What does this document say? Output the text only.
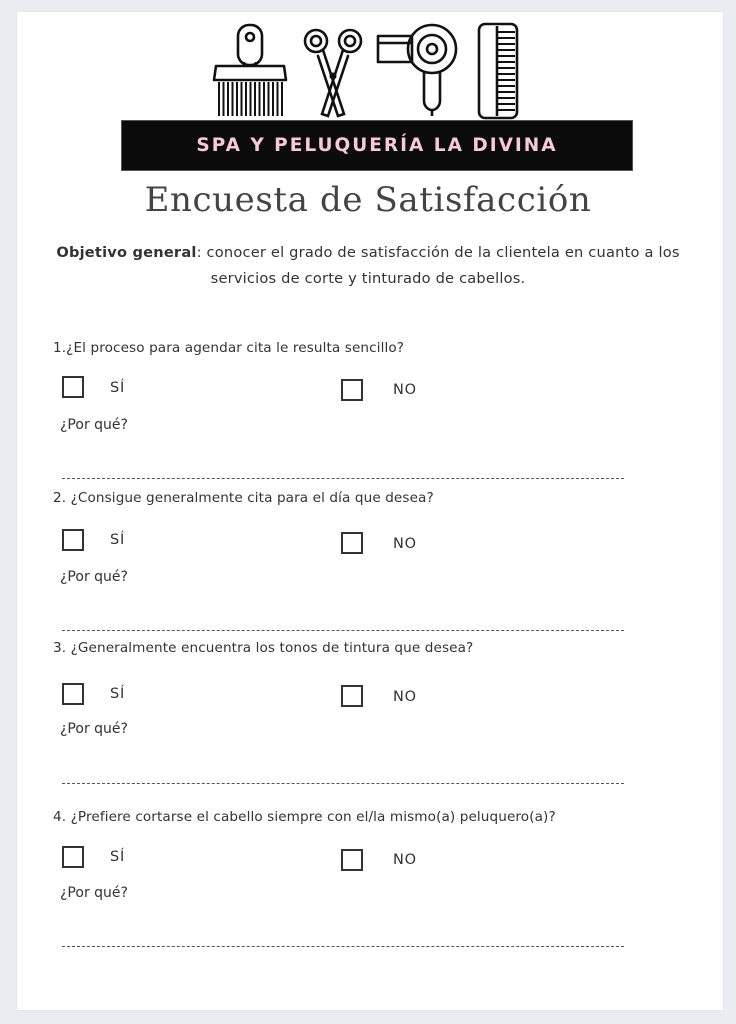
SPA Y PELUQUERÍA LA DIVINA
Encuesta de Satisfacción
Objetivo general: conocer el grado de satisfacción de la clientela en cuanto a los servicios de corte y tinturado de cabellos.
1.¿El proceso para agendar cita le resulta sencillo?
SÍ	NO
¿Por qué?
2. ¿Consigue generalmente cita para el día que desea?
SÍ	NO
¿Por qué?
3. ¿Generalmente encuentra los tonos de tintura que desea?
SÍ	NO
¿Por qué?
4. ¿Prefiere cortarse el cabello siempre con el/la mismo(a) peluquero(a)?
SÍ	NO
¿Por qué?
